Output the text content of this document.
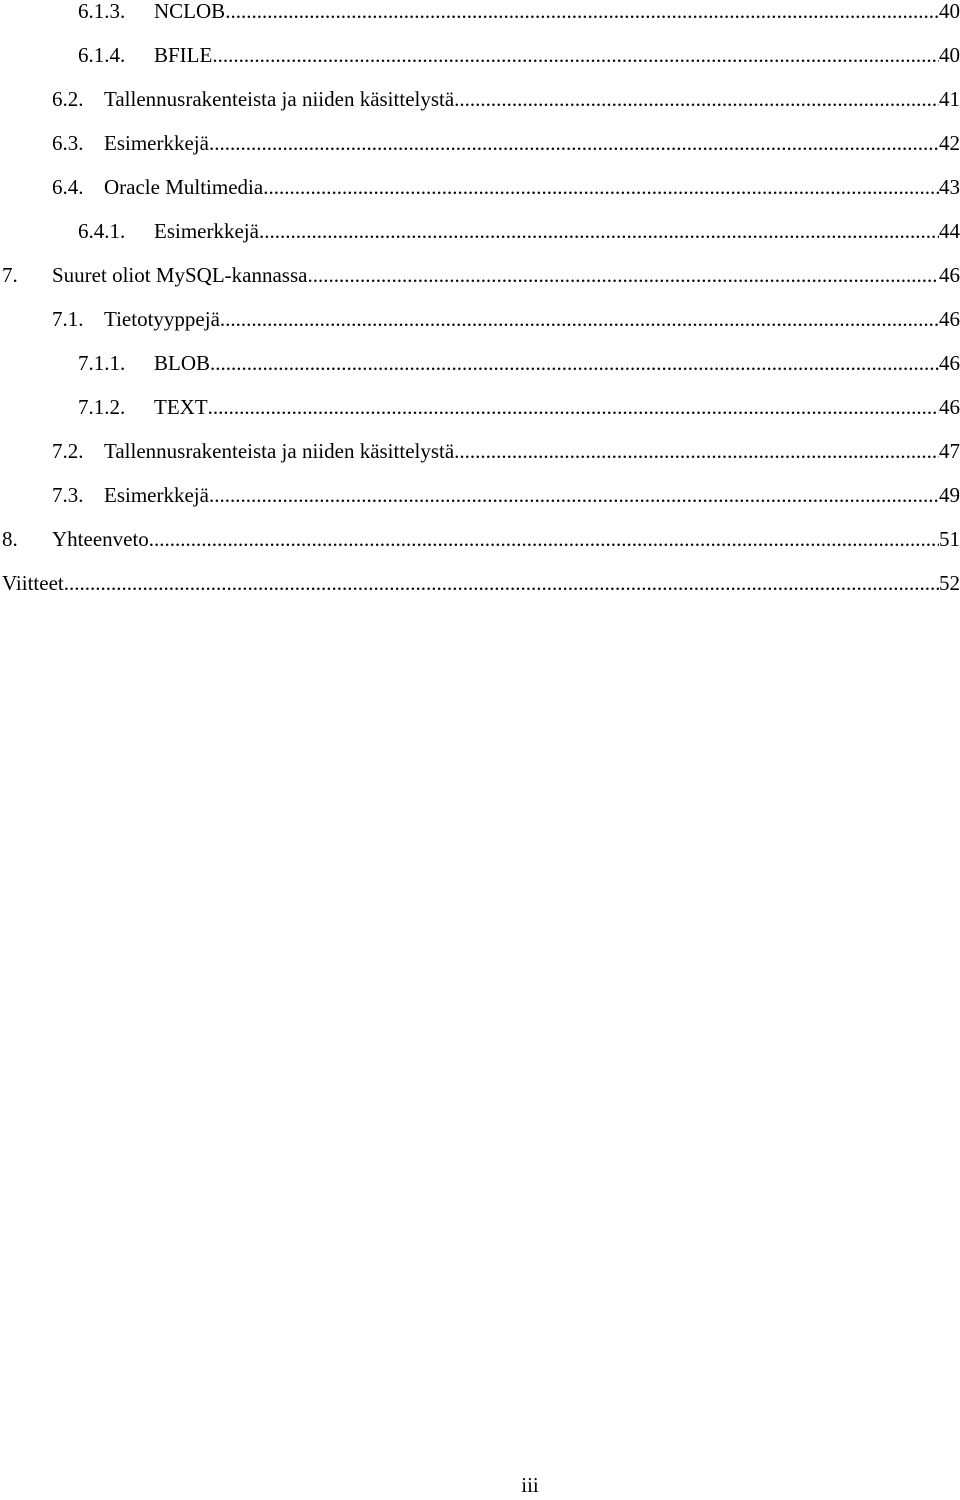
6.1.3. NCLOB .....	40
6.1.4. BFILE .....	40
6.2. Tallennusrakenteista ja niiden käsittelystä .....	41
6.3. Esimerkkejä .....	42
6.4. Oracle Multimedia .....	43
6.4.1. Esimerkkejä .....	44
7. Suuret oliot MySQL-kannassa .....	46
7.1. Tietotyyppejä .....	46
7.1.1. BLOB .....	46
7.1.2. TEXT .....	46
7.2. Tallennusrakenteista ja niiden käsittelystä .....	47
7.3. Esimerkkejä .....	49
8. Yhteenveto .....	51
Viitteet .....	52
iii
